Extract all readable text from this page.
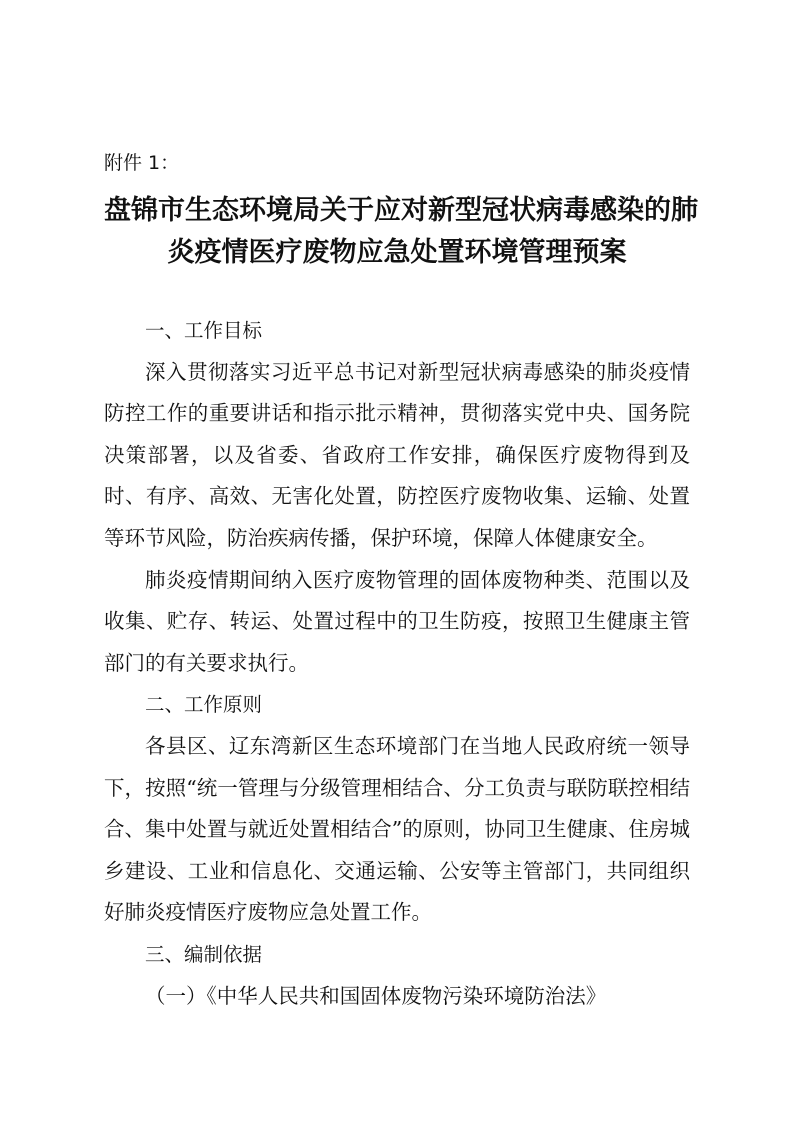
附件 1：
盘锦市生态环境局关于应对新型冠状病毒感染的肺
炎疫情医疗废物应急处置环境管理预案
一、工作目标
深入贯彻落实习近平总书记对新型冠状病毒感染的肺炎疫情防控工作的重要讲话和指示批示精神，贯彻落实党中央、国务院决策部署，以及省委、省政府工作安排，确保医疗废物得到及时、有序、高效、无害化处置，防控医疗废物收集、运输、处置等环节风险，防治疾病传播，保护环境，保障人体健康安全。
肺炎疫情期间纳入医疗废物管理的固体废物种类、范围以及收集、贮存、转运、处置过程中的卫生防疫，按照卫生健康主管部门的有关要求执行。
二、工作原则
各县区、辽东湾新区生态环境部门在当地人民政府统一领导下，按照“统一管理与分级管理相结合、分工负责与联防联控相结合、集中处置与就近处置相结合”的原则，协同卫生健康、住房城乡建设、工业和信息化、交通运输、公安等主管部门，共同组织好肺炎疫情医疗废物应急处置工作。
三、编制依据
（一）《中华人民共和国固体废物污染环境防治法》
